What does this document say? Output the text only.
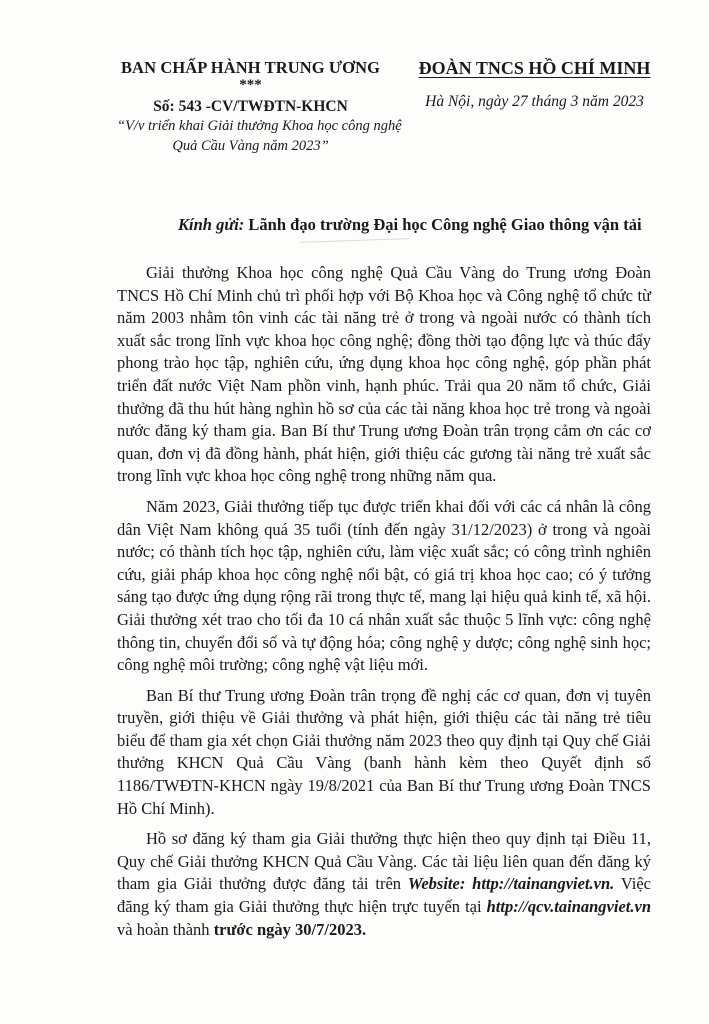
BAN CHẤP HÀNH TRUNG ƯƠNG
***
Số: 543 -CV/TWĐTN-KHCN
“V/v triển khai Giải thưởng Khoa học công nghệ
Quả Cầu Vàng năm 2023”
ĐOÀN TNCS HỒ CHÍ MINH
Hà Nội, ngày 27 tháng 3 năm 2023
Kính gửi: Lãnh đạo trường Đại học Công nghệ Giao thông vận tải

Giải thưởng Khoa học công nghệ Quả Cầu Vàng do Trung ương Đoàn TNCS Hồ Chí Minh chủ trì phối hợp với Bộ Khoa học và Công nghệ tổ chức từ năm 2003 nhằm tôn vinh các tài năng trẻ ở trong và ngoài nước có thành tích xuất sắc trong lĩnh vực khoa học công nghệ; đồng thời tạo động lực và thúc đẩy phong trào học tập, nghiên cứu, ứng dụng khoa học công nghệ, góp phần phát triển đất nước Việt Nam phồn vinh, hạnh phúc. Trải qua 20 năm tổ chức, Giải thưởng đã thu hút hàng nghìn hồ sơ của các tài năng khoa học trẻ trong và ngoài nước đăng ký tham gia. Ban Bí thư Trung ương Đoàn trân trọng cảm ơn các cơ quan, đơn vị đã đồng hành, phát hiện, giới thiệu các gương tài năng trẻ xuất sắc trong lĩnh vực khoa học công nghệ trong những năm qua.

Năm 2023, Giải thưởng tiếp tục được triển khai đối với các cá nhân là công dân Việt Nam không quá 35 tuổi (tính đến ngày 31/12/2023) ở trong và ngoài nước; có thành tích học tập, nghiên cứu, làm việc xuất sắc; có công trình nghiên cứu, giải pháp khoa học công nghệ nổi bật, có giá trị khoa học cao; có ý tưởng sáng tạo được ứng dụng rộng rãi trong thực tế, mang lại hiệu quả kinh tế, xã hội. Giải thưởng xét trao cho tối đa 10 cá nhân xuất sắc thuộc 5 lĩnh vực: công nghệ thông tin, chuyển đổi số và tự động hóa; công nghệ y dược; công nghệ sinh học; công nghệ môi trường; công nghệ vật liệu mới.

Ban Bí thư Trung ương Đoàn trân trọng đề nghị các cơ quan, đơn vị tuyên truyền, giới thiệu về Giải thưởng và phát hiện, giới thiệu các tài năng trẻ tiêu biểu để tham gia xét chọn Giải thưởng năm 2023 theo quy định tại Quy chế Giải thưởng KHCN Quả Cầu Vàng (banh hành kèm theo Quyết định số 1186/TWĐTN-KHCN ngày 19/8/2021 của Ban Bí thư Trung ương Đoàn TNCS Hồ Chí Minh).

Hồ sơ đăng ký tham gia Giải thưởng thực hiện theo quy định tại Điều 11, Quy chế Giải thưởng KHCN Quả Cầu Vàng. Các tài liệu liên quan đến đăng ký tham gia Giải thưởng được đăng tải trên Website: http://tainangviet.vn. Việc đăng ký tham gia Giải thưởng thực hiện trực tuyến tại http://qcv.tainangviet.vn và hoàn thành trước ngày 30/7/2023.
